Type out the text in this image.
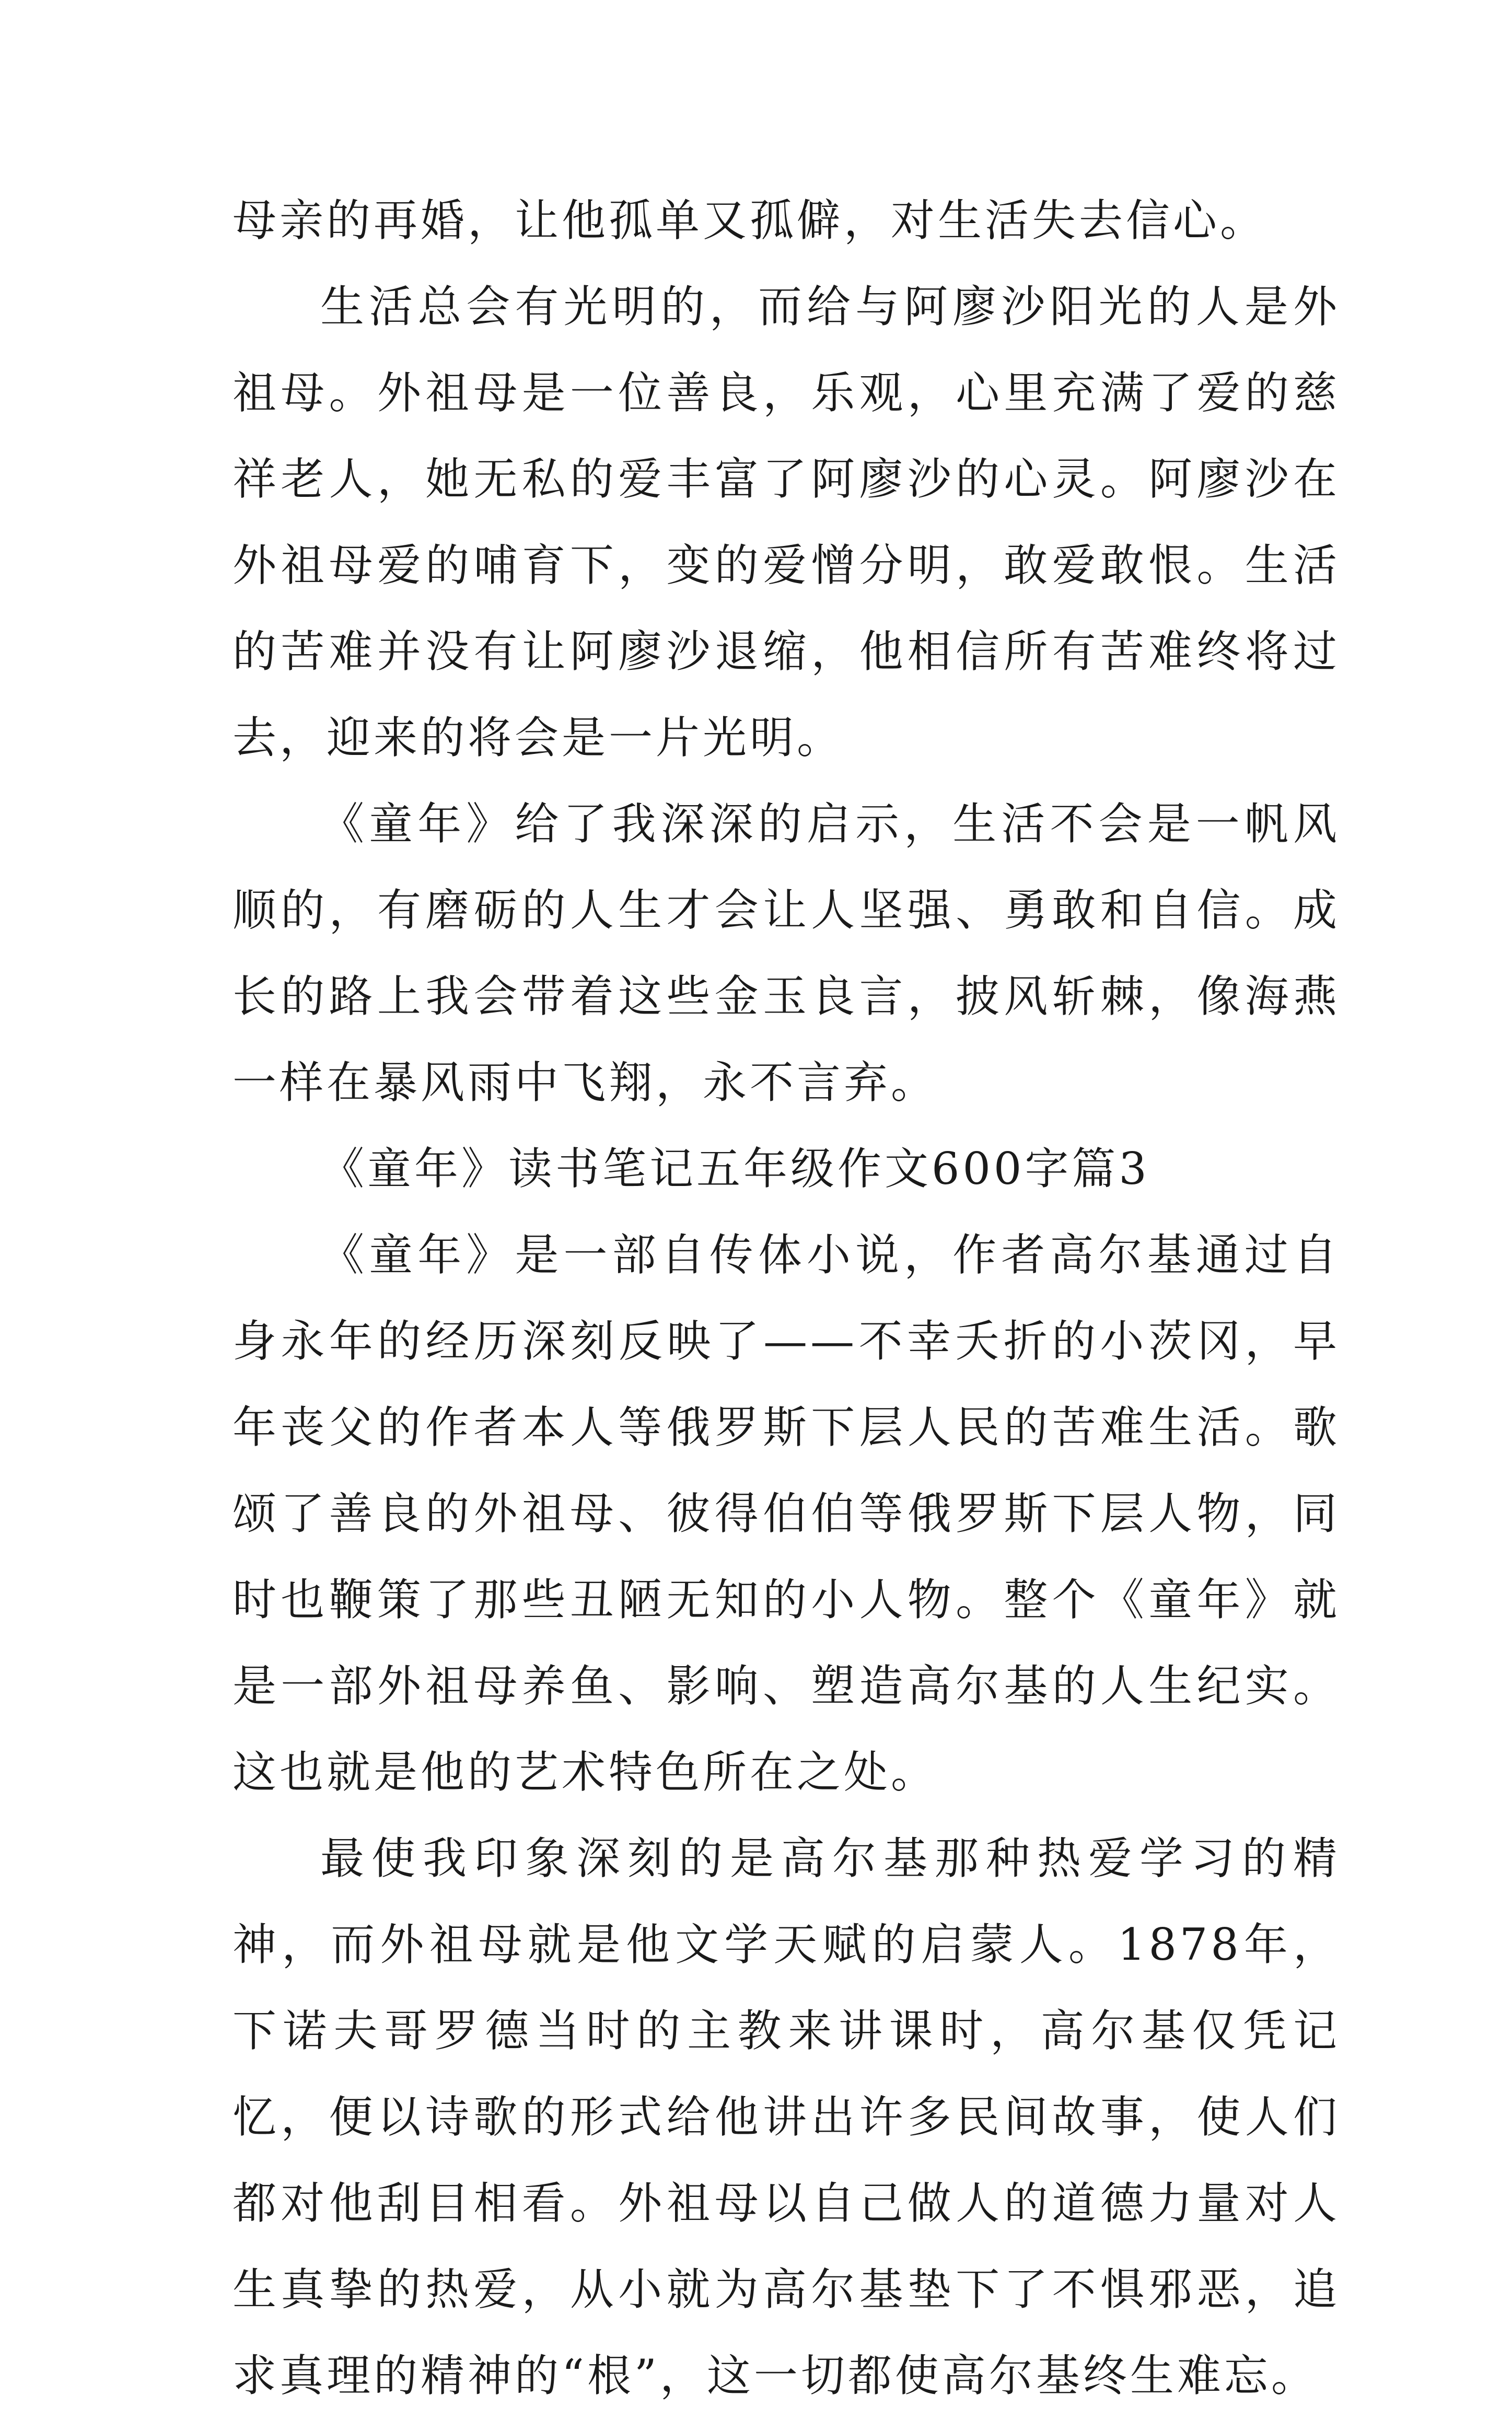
母亲的再婚，让他孤单又孤僻，对生活失去信心。

生活总会有光明的，而给与阿廖沙阳光的人是外祖母。外祖母是一位善良，乐观，心里充满了爱的慈祥老人，她无私的爱丰富了阿廖沙的心灵。阿廖沙在外祖母爱的哺育下，变的爱憎分明，敢爱敢恨。生活的苦难并没有让阿廖沙退缩，他相信所有苦难终将过去，迎来的将会是一片光明。

《童年》给了我深深的启示，生活不会是一帆风顺的，有磨砺的人生才会让人坚强、勇敢和自信。成长的路上我会带着这些金玉良言，披风斩棘，像海燕一样在暴风雨中飞翔，永不言弃。

《童年》读书笔记五年级作文600字篇3

《童年》是一部自传体小说，作者高尔基通过自身永年的经历深刻反映了——不幸夭折的小茨冈，早年丧父的作者本人等俄罗斯下层人民的苦难生活。歌颂了善良的外祖母、彼得伯伯等俄罗斯下层人物，同时也鞭策了那些丑陋无知的小人物。整个《童年》就是一部外祖母养鱼、影响、塑造高尔基的人生纪实。这也就是他的艺术特色所在之处。

最使我印象深刻的是高尔基那种热爱学习的精神，而外祖母就是他文学天赋的启蒙人。1878年，下诺夫哥罗德当时的主教来讲课时，高尔基仅凭记忆，便以诗歌的形式给他讲出许多民间故事，使人们都对他刮目相看。外祖母以自己做人的道德力量对人生真挚的热爱，从小就为高尔基垫下了不惧邪恶，追求真理的精神的“根”，这一切都使高尔基终生难忘。
